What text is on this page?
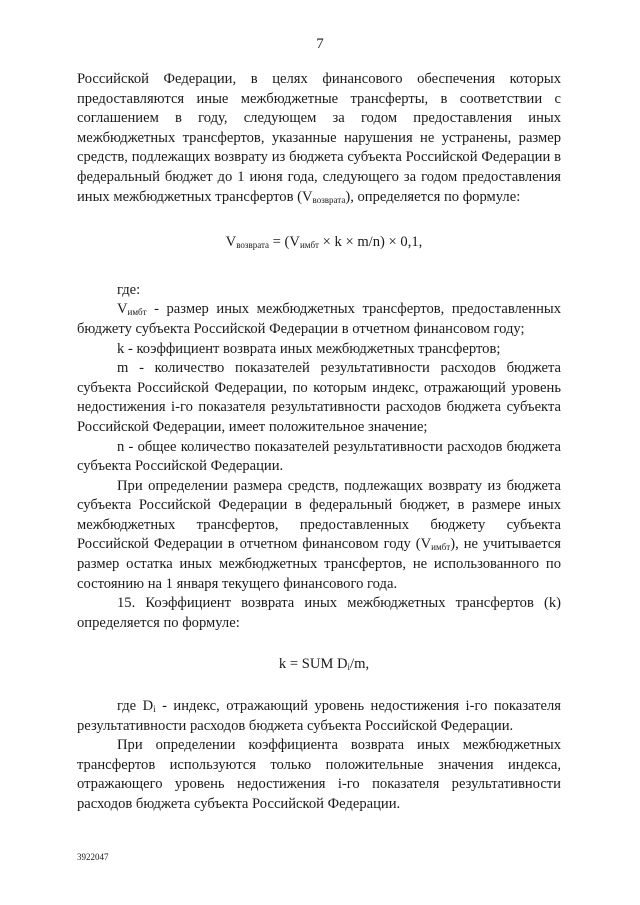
7

Российской Федерации, в целях финансового обеспечения которых предоставляются иные межбюджетные трансферты, в соответствии с соглашением в году, следующем за годом предоставления иных межбюджетных трансфертов, указанные нарушения не устранены, размер средств, подлежащих возврату из бюджета субъекта Российской Федерации в федеральный бюджет до 1 июня года, следующего за годом предоставления иных межбюджетных трансфертов $(V_{возврата})$, определяется по формуле:

$V_{возврата} = (V_{имбт} \times k \times m/n) \times 0,1$,

где:

$V_{имбт}$ - размер иных межбюджетных трансфертов, предоставленных бюджету субъекта Российской Федерации в отчетном финансовом году;

k - коэффициент возврата иных межбюджетных трансфертов;

m - количество показателей результативности расходов бюджета субъекта Российской Федерации, по которым индекс, отражающий уровень недостижения i-го показателя результативности расходов бюджета субъекта Российской Федерации, имеет положительное значение;

n - общее количество показателей результативности расходов бюджета субъекта Российской Федерации.

При определении размера средств, подлежащих возврату из бюджета субъекта Российской Федерации в федеральный бюджет, в размере иных межбюджетных трансфертов, предоставленных бюджету субъекта Российской Федерации в отчетном финансовом году $(V_{имбт})$, не учитывается размер остатка иных межбюджетных трансфертов, не использованного по состоянию на 1 января текущего финансового года.

15. Коэффициент возврата иных межбюджетных трансфертов (k) определяется по формуле:

k = SUM $D_i/m$,

где $D_i$ - индекс, отражающий уровень недостижения i-го показателя результативности расходов бюджета субъекта Российской Федерации.

При определении коэффициента возврата иных межбюджетных трансфертов используются только положительные значения индекса, отражающего уровень недостижения i-го показателя результативности расходов бюджета субъекта Российской Федерации.

3922047
